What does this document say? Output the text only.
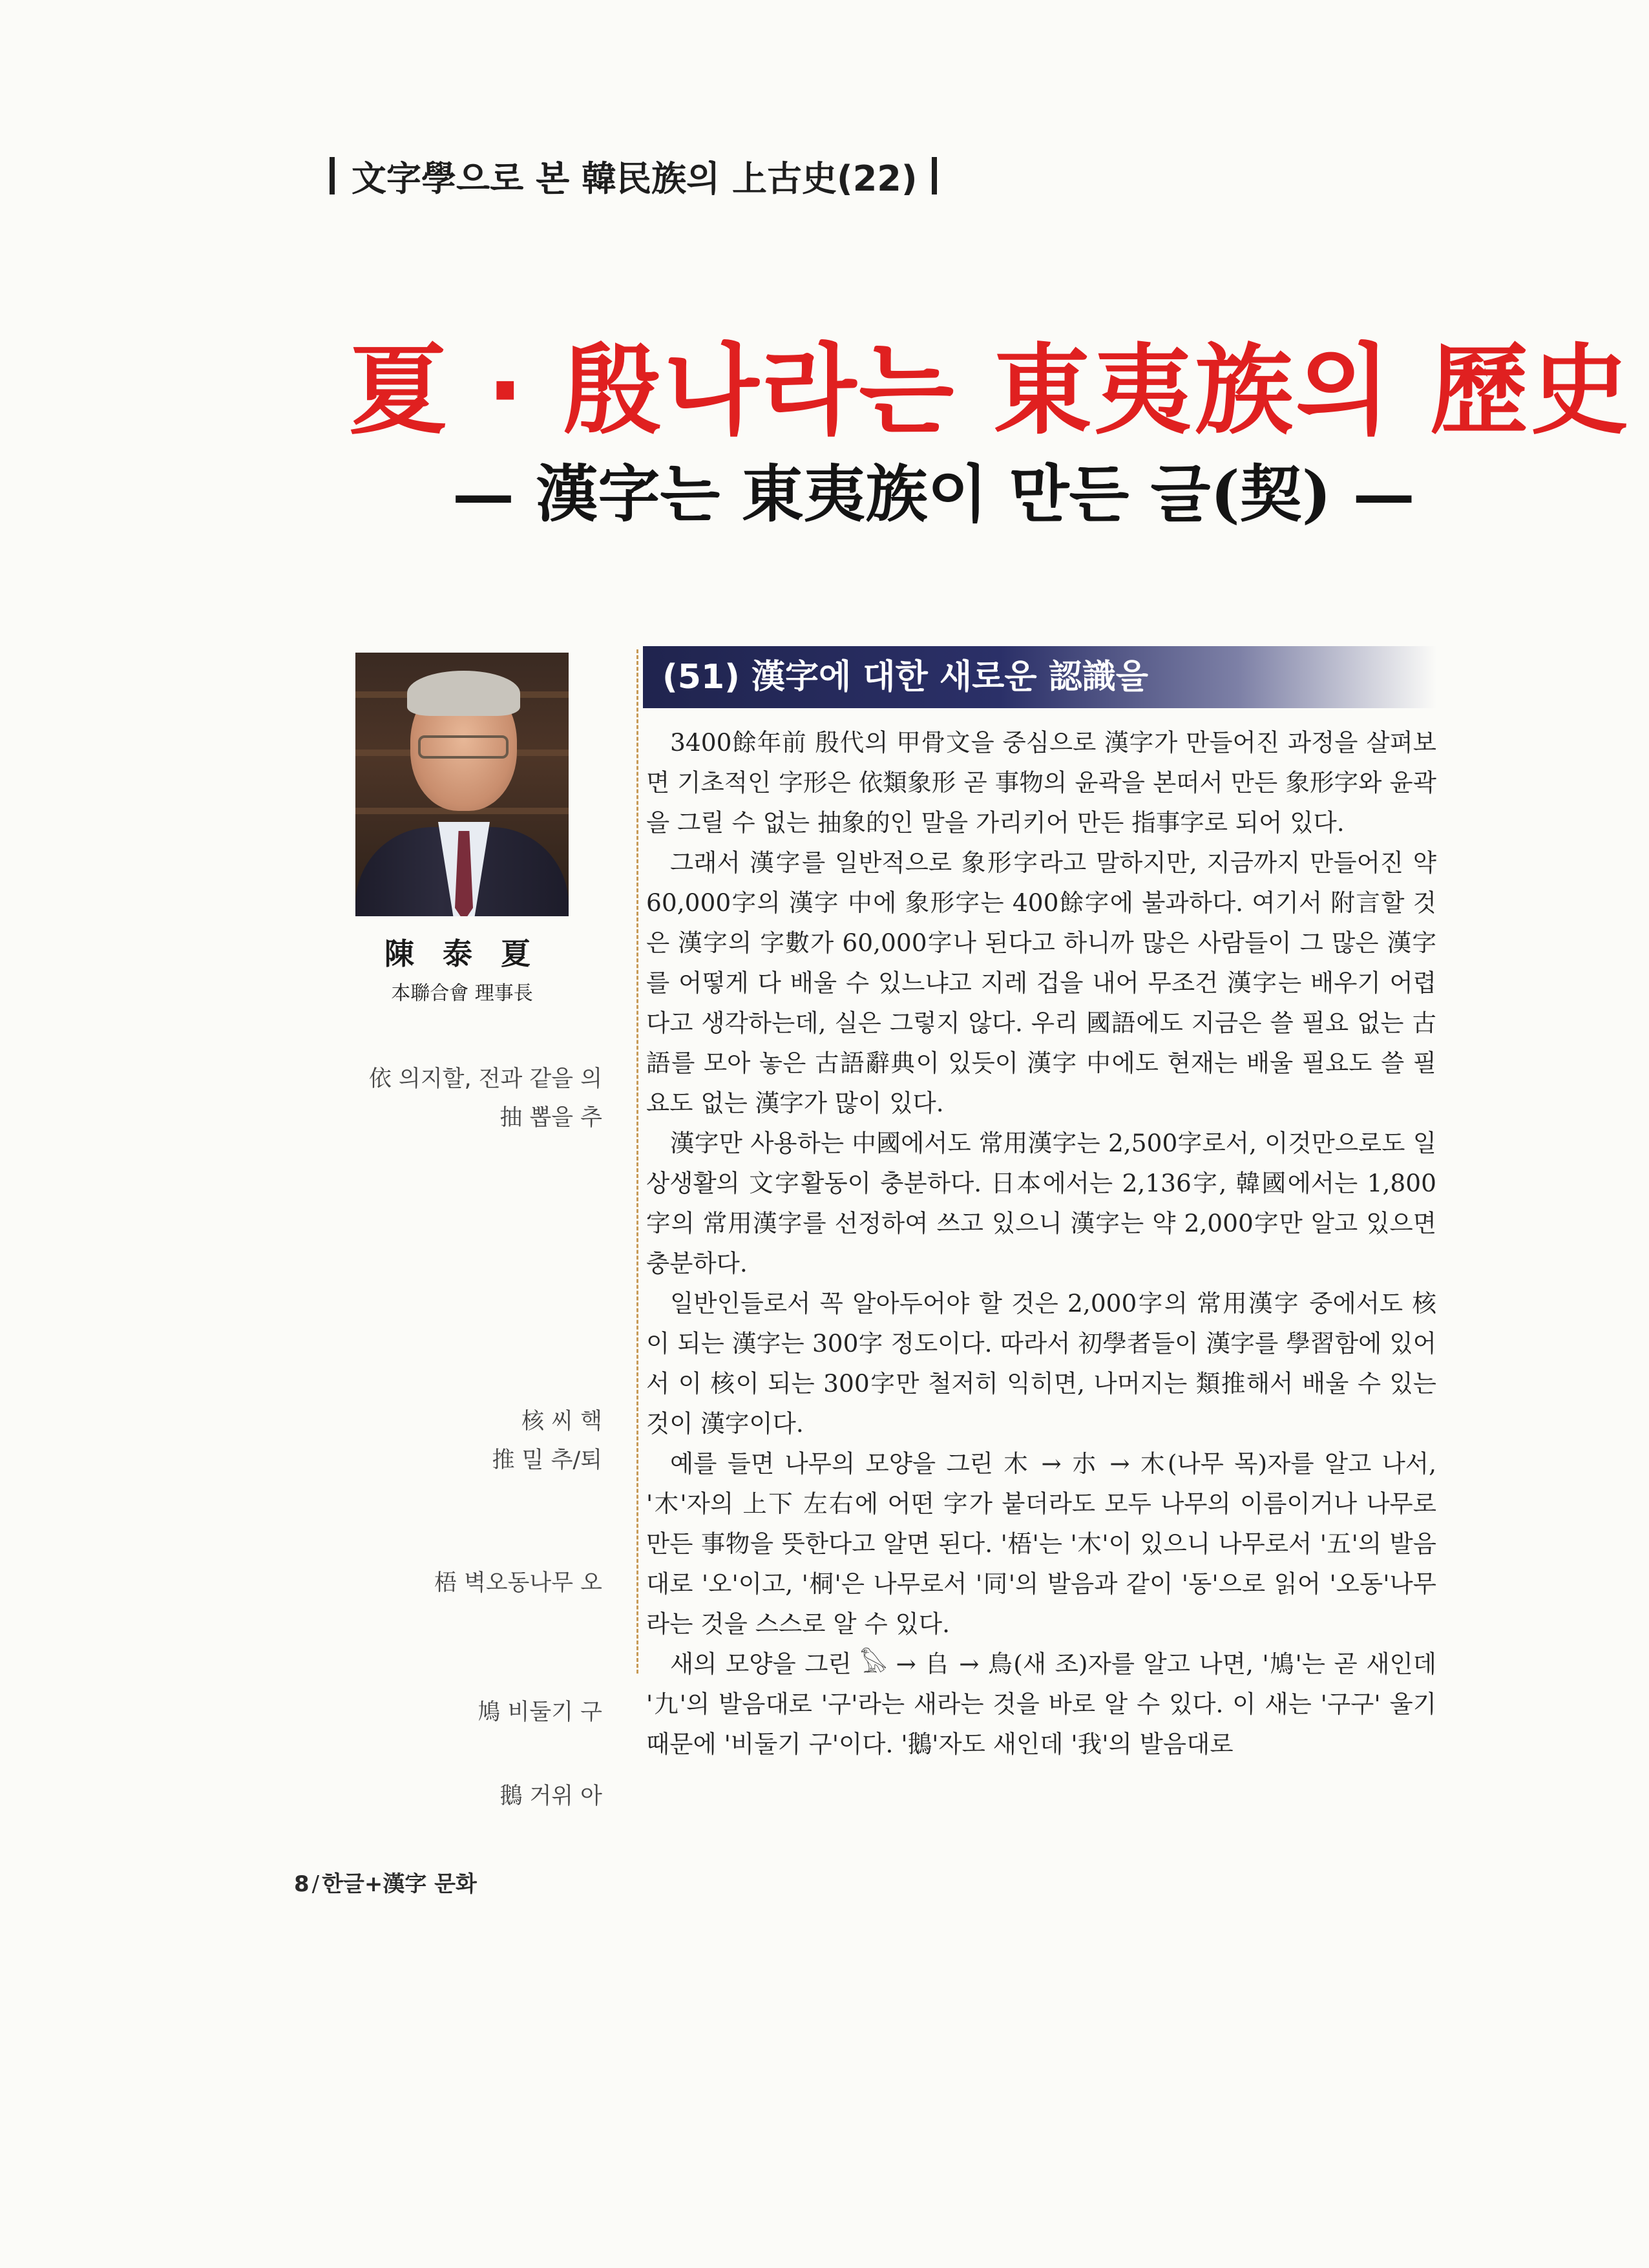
文字學으로 본 韓民族의 上古史(22)
夏 · 殷나라는 東夷族의 歷史
— 漢字는 東夷族이 만든 글(契) —
陳 泰 夏
本聯合會 理事長
(51) 漢字에 대한 새로운 認識을

3400餘年前 殷代의 甲骨文을 중심으로 漢字가 만들어진 과정을 살펴보면 기초적인 字形은 依類象形 곧 事物의 윤곽을 본떠서 만든 象形字와 윤곽을 그릴 수 없는 抽象的인 말을 가리키어 만든 指事字로 되어 있다.

그래서 漢字를 일반적으로 象形字라고 말하지만, 지금까지 만들어진 약 60,000字의 漢字 中에 象形字는 400餘字에 불과하다. 여기서 附言할 것은 漢字의 字數가 60,000字나 된다고 하니까 많은 사람들이 그 많은 漢字를 어떻게 다 배울 수 있느냐고 지레 겁을 내어 무조건 漢字는 배우기 어렵다고 생각하는데, 실은 그렇지 않다. 우리 國語에도 지금은 쓸 필요 없는 古語를 모아 놓은 古語辭典이 있듯이 漢字 中에도 현재는 배울 필요도 쓸 필요도 없는 漢字가 많이 있다.

漢字만 사용하는 中國에서도 常用漢字는 2,500字로서, 이것만으로도 일상생활의 文字활동이 충분하다. 日本에서는 2,136字, 韓國에서는 1,800字의 常用漢字를 선정하여 쓰고 있으니 漢字는 약 2,000字만 알고 있으면 충분하다.

일반인들로서 꼭 알아두어야 할 것은 2,000字의 常用漢字 중에서도 核이 되는 漢字는 300字 정도이다. 따라서 初學者들이 漢字를 學習함에 있어서 이 核이 되는 300字만 철저히 익히면, 나머지는 類推해서 배울 수 있는 것이 漢字이다.

예를 들면 나무의 모양을 그린 ⽊ → 朩 → 木(나무 목)자를 알고 나서, '木'자의 上下 左右에 어떤 字가 붙더라도 모두 나무의 이름이거나 나무로 만든 事物을 뜻한다고 알면 된다. '梧'는 '木'이 있으니 나무로서 '五'의 발음대로 '오'이고, '桐'은 나무로서 '同'의 발음과 같이 '동'으로 읽어 '오동'나무라는 것을 스스로 알 수 있다.

새의 모양을 그린 𓅃 → 𠂤 → 鳥(새 조)자를 알고 나면, '鳩'는 곧 새인데 '九'의 발음대로 '구'라는 새라는 것을 바로 알 수 있다. 이 새는 '구구' 울기 때문에 '비둘기 구'이다. '鵝'자도 새인데 '我'의 발음대로

依 의지할, 전과 같을 의
抽 뽑을 추
核 씨 핵
推 밀 추/퇴
梧 벽오동나무 오
鳩 비둘기 구
鵝 거위 아
8 / 한글+漢字 문화
